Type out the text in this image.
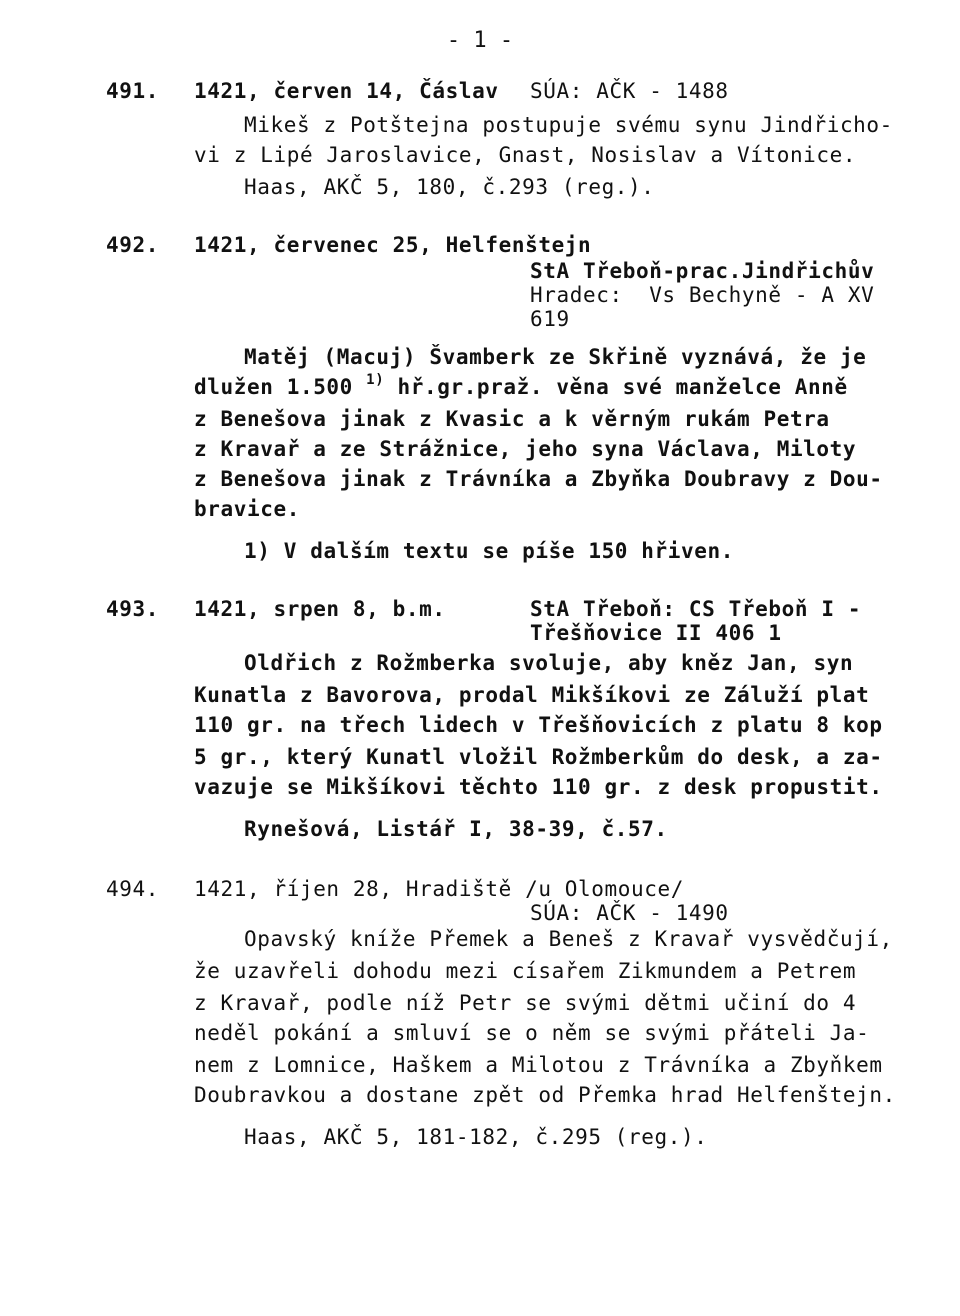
- 1 -
491. 1421, červen 14, Čáslav SÚA: AČK - 1488
Mikeš z Potštejna postupuje svému synu Jindřicho-
vi z Lipé Jaroslavice, Gnast, Nosislav a Vítonice.
Haas, AKČ 5, 180, č.293 (reg.).
492. 1421, červenec 25, Helfenštejn
StA Třeboň-prac.Jindřichův
Hradec:  Vs Bechyně - A XV
619
Matěj (Macuj) Švamberk ze Skřině vyznává, že je
dlužen 1.500 $^{1)}$ hř.gr.praž. věna své manželce Anně
z Benešova jinak z Kvasic a k věrným rukám Petra
z Kravař a ze Strážnice, jeho syna Václava, Miloty
z Benešova jinak z Trávníka a Zbyňka Doubravy z Dou-
bravice.
1) V dalším textu se píše 150 hřiven.
493. 1421, srpen 8, b.m.	StA Třeboň: CS Třeboň I -
Třešňovice II 406 1
Oldřich z Rožmberka svoluje, aby kněz Jan, syn
Kunatla z Bavorova, prodal Mikšíkovi ze Záluží plat
110 gr. na třech lidech v Třešňovicích z platu 8 kop
5 gr., který Kunatl vložil Rožmberkům do desk, a za-
vazuje se Mikšíkovi těchto 110 gr. z desk propustit.
Rynešová, Listář I, 38-39, č.57.
494. 1421, říjen 28, Hradiště /u Olomouce/
SÚA: AČK - 1490
Opavský kníže Přemek a Beneš z Kravař vysvědčují,
že uzavřeli dohodu mezi císařem Zikmundem a Petrem
z Kravař, podle níž Petr se svými dětmi učiní do 4
neděl pokání a smluví se o něm se svými přáteli Ja-
nem z Lomnice, Haškem a Milotou z Trávníka a Zbyňkem
Doubravkou a dostane zpět od Přemka hrad Helfenštejn.
Haas, AKČ 5, 181-182, č.295 (reg.).
